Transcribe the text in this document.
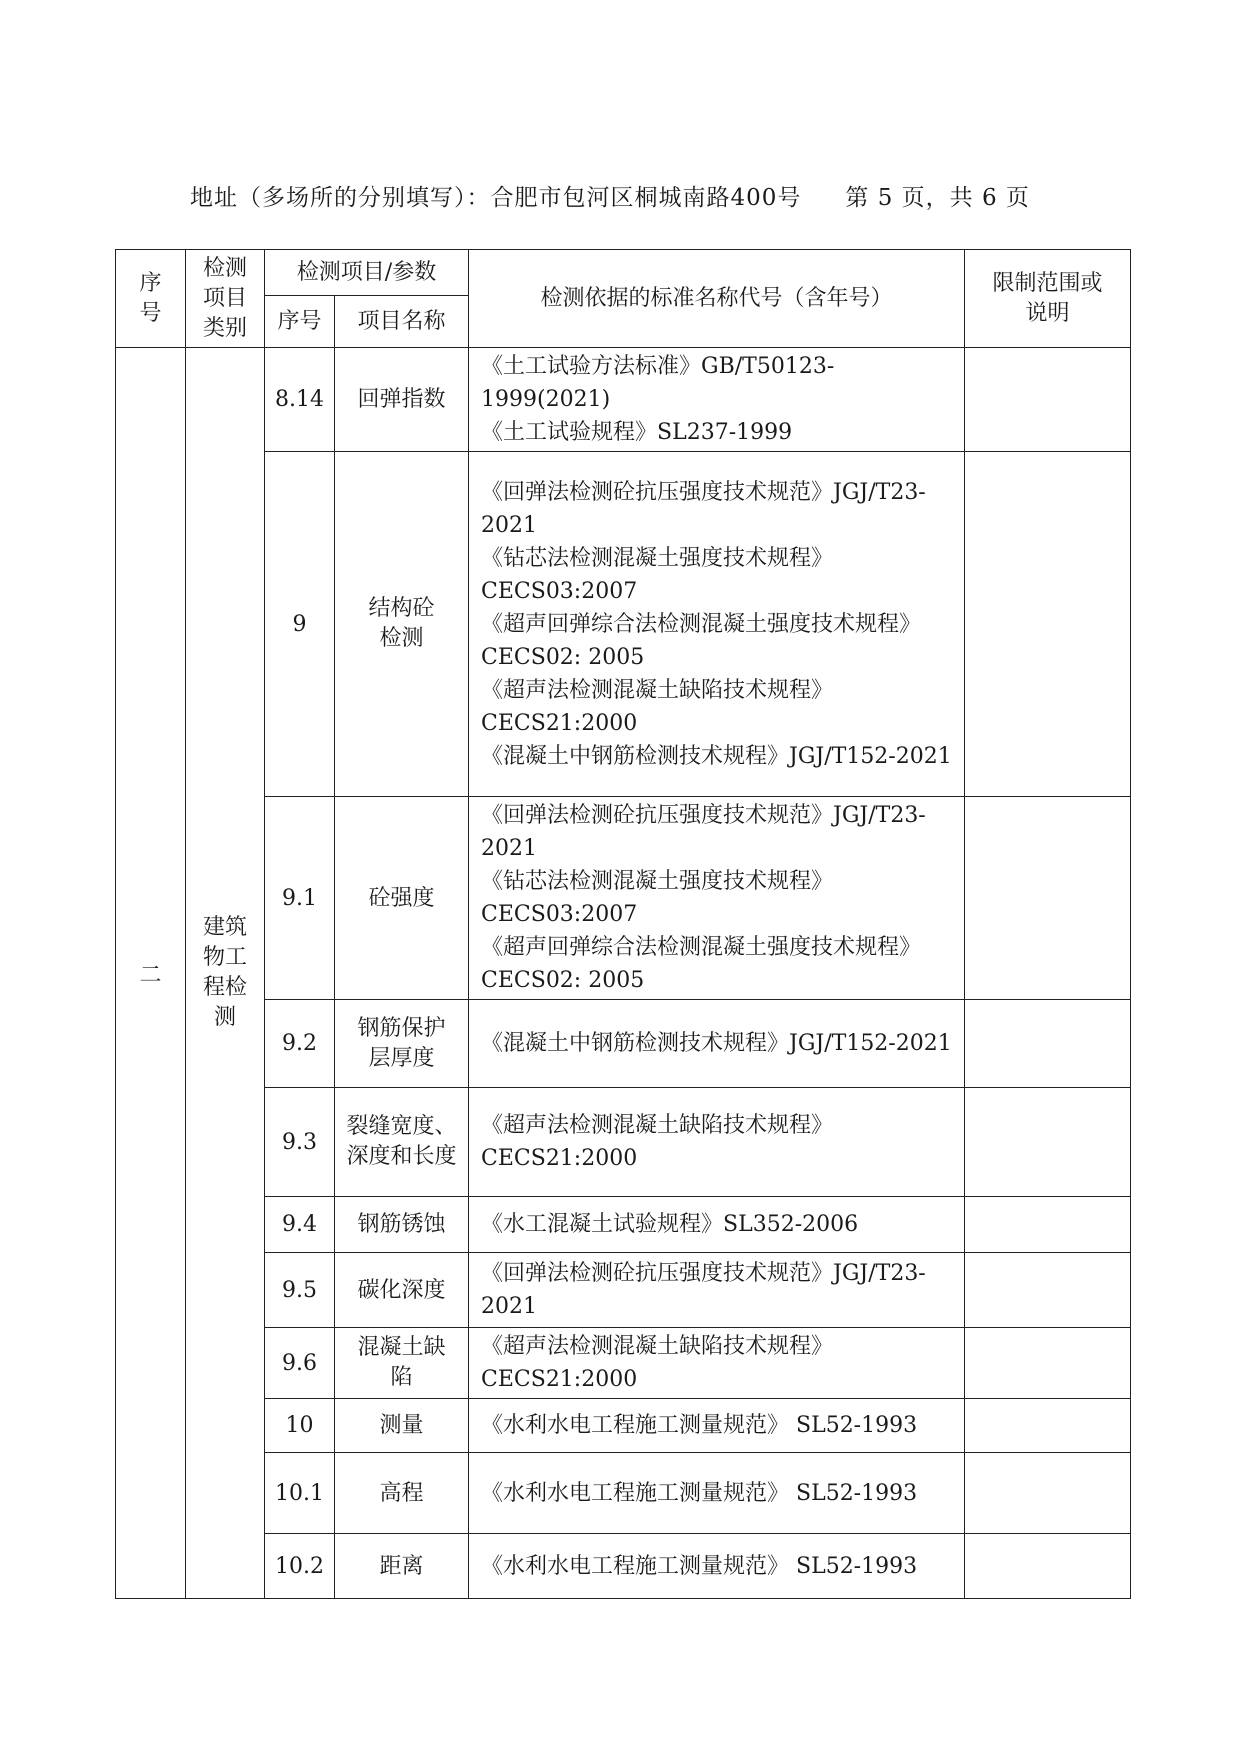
地址（多场所的分别填写）：合肥市包河区桐城南路400号 第 5 页，共 6 页
序号	检测项目类别	检测项目/参数		检测依据的标准名称代号（含年号）	限制范围或说明
		序号	项目名称		
二	建筑物工程检测	8.14	回弹指数	《土工试验方法标准》GB/T50123-1999(2021)
《土工试验规程》SL237-1999	

		9	结构砼检测	《回弹法检测砼抗压强度技术规范》JGJ/T23-2021
《钻芯法检测混凝土强度技术规程》CECS03:2007
《超声回弹综合法检测混凝土强度技术规程》CECS02: 2005
《超声法检测混凝土缺陷技术规程》CECS21:2000
《混凝土中钢筋检测技术规程》JGJ/T152-2021	

		9.1	砼强度	《回弹法检测砼抗压强度技术规范》JGJ/T23-2021
《钻芯法检测混凝土强度技术规程》CECS03:2007
《超声回弹综合法检测混凝土强度技术规程》CECS02: 2005	

		9.2	钢筋保护层厚度	《混凝土中钢筋检测技术规程》JGJ/T152-2021	

		9.3	裂缝宽度、深度和长度	《超声法检测混凝土缺陷技术规程》CECS21:2000	

		9.4	钢筋锈蚀	《水工混凝土试验规程》SL352-2006	

		9.5	碳化深度	《回弹法检测砼抗压强度技术规范》JGJ/T23-2021	

		9.6	混凝土缺陷	《超声法检测混凝土缺陷技术规程》CECS21:2000	

		10	测量	《水利水电工程施工测量规范》 SL52-1993	

		10.1	高程	《水利水电工程施工测量规范》 SL52-1993	

		10.2	距离	《水利水电工程施工测量规范》 SL52-1993	
